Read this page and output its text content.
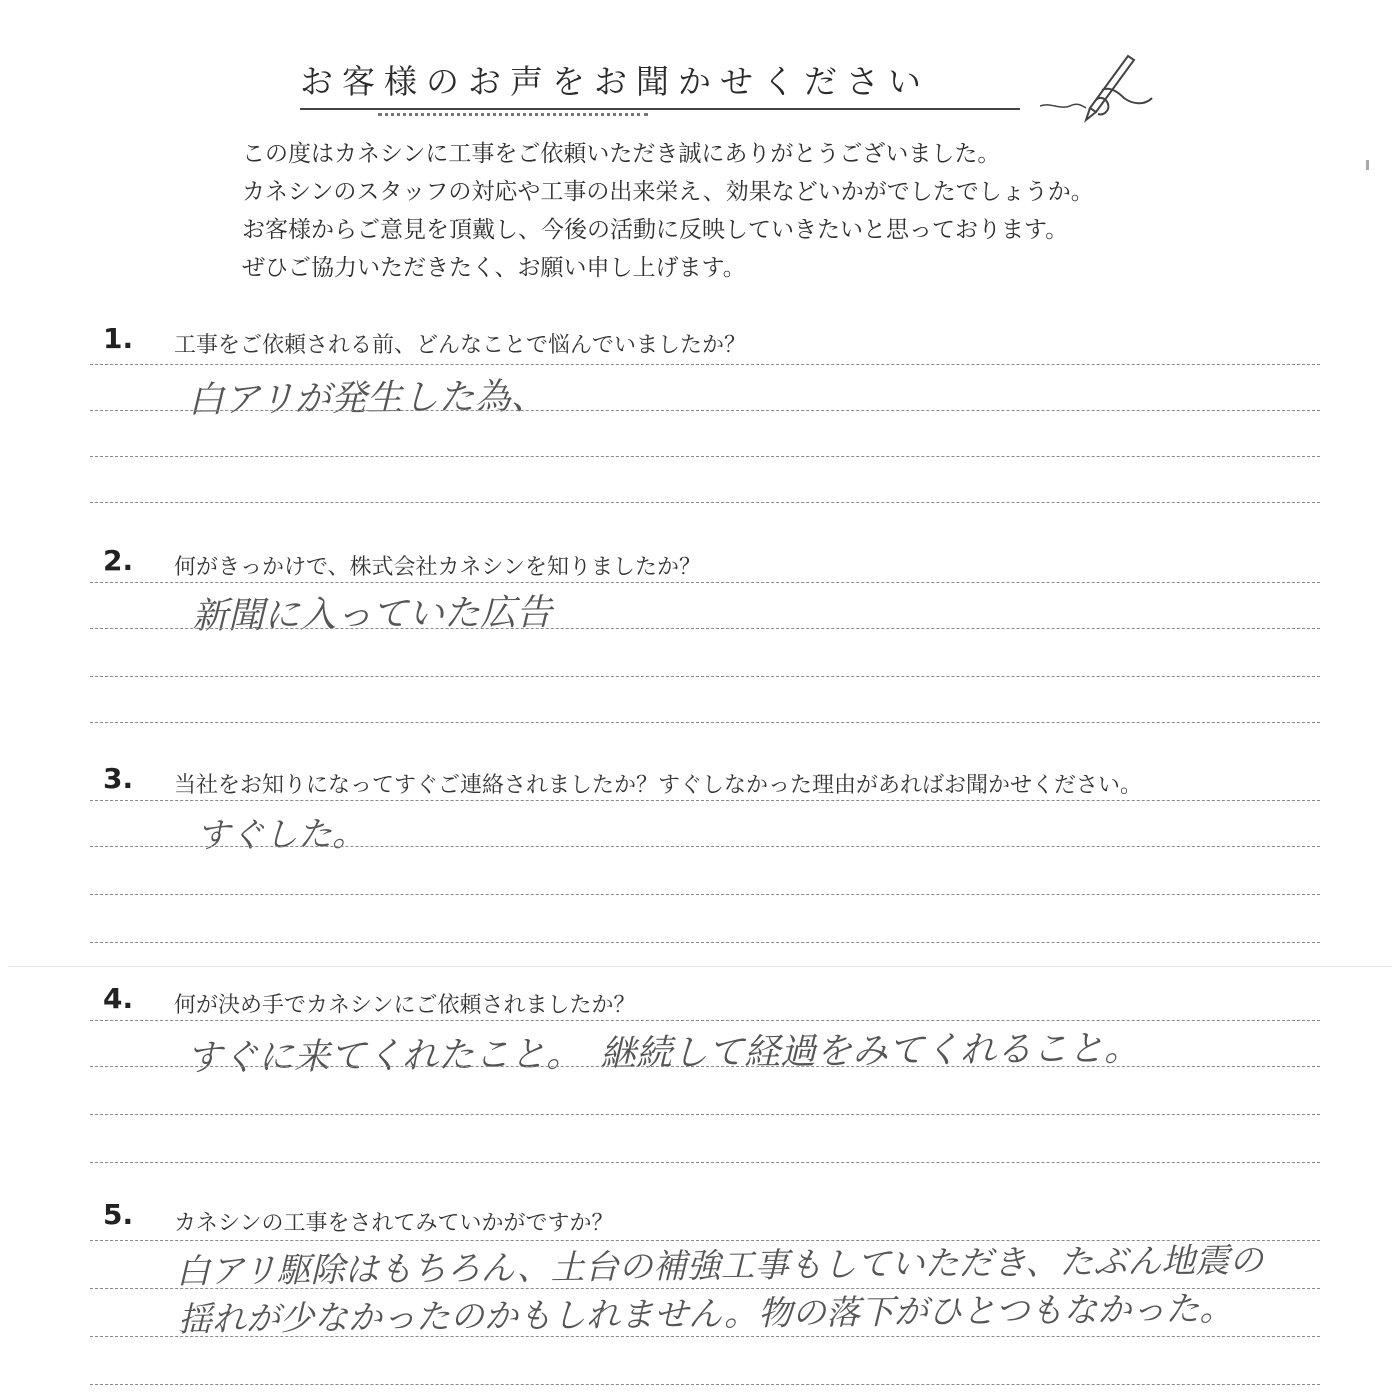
お客様のお声をお聞かせください
この度はカネシンに工事をご依頼いただき誠にありがとうございました。
カネシンのスタッフの対応や工事の出来栄え、効果などいかがでしたでしょうか。
お客様からご意見を頂戴し、今後の活動に反映していきたいと思っております。
ぜひご協力いただきたく、お願い申し上げます。
1. 工事をご依頼される前、どんなことで悩んでいましたか？
白アリが発生した為、
2. 何がきっかけで、株式会社カネシンを知りましたか？
新聞に入っていた広告
3. 当社をお知りになってすぐご連絡されましたか？すぐしなかった理由があればお聞かせください。
すぐした。
4. 何が決め手でカネシンにご依頼されましたか？
すぐに来てくれたこと。　継続して経過をみてくれること。
5. カネシンの工事をされてみていかがですか？
白アリ駆除はもちろん、土台の補強工事もしていただき、たぶん地震の
揺れが少なかったのかもしれません。物の落下がひとつもなかった。
